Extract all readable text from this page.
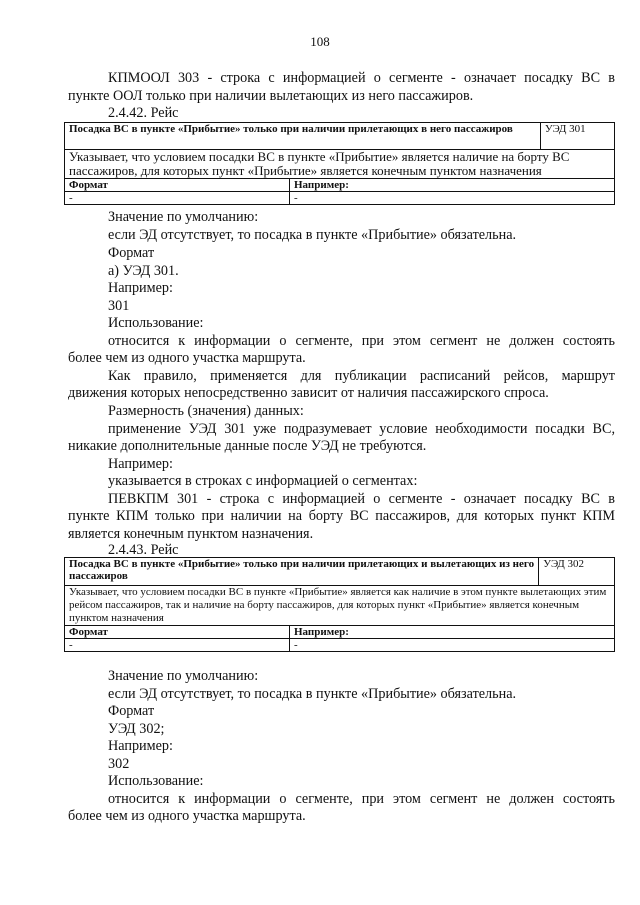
108
КПМООЛ 303 - строка с информацией о сегменте - означает посадку ВС в
пункте ООЛ только при наличии вылетающих из него пассажиров.
2.4.42. Рейс
Посадка ВС в пункте «Прибытие» только при наличии прилетающих в него пассажиров		УЭД 301
Указывает, что условием посадки ВС в пункте «Прибытие» является наличие на борту ВС пассажиров, для которых пункт «Прибытие» является конечным пунктом назначения		
Формат	Например:	
-	-	
Значение по умолчанию:
если ЭД отсутствует, то посадка в пункте «Прибытие» обязательна.
Формат
а) УЭД 301.
Например:
301
Использование:
относится к информации о сегменте, при этом сегмент не должен состоять
более чем из одного участка маршрута.
Как правило, применяется для публикации расписаний рейсов, маршрут
движения которых непосредственно зависит от наличия пассажирского спроса.
Размерность (значения) данных:
применение УЭД 301 уже подразумевает условие необходимости посадки ВС,
никакие дополнительные данные после УЭД не требуются.
Например:
указывается в строках с информацией о сегментах:
ПЕВКПМ 301 - строка с информацией о сегменте - означает посадку ВС в
пункте КПМ только при наличии на борту ВС пассажиров, для которых пункт КПМ
является конечным пунктом назначения.
2.4.43. Рейс
Посадка ВС в пункте «Прибытие» только при наличии прилетающих и вылетающих из него пассажиров		УЭД 302
Указывает, что условием посадки ВС в пункте «Прибытие» является как наличие в этом пункте вылетающих этим рейсом пассажиров, так и наличие на борту пассажиров, для которых пункт «Прибытие» является конечным пунктом назначения		
Формат	Например:	
-	-	
Значение по умолчанию:
если ЭД отсутствует, то посадка в пункте «Прибытие» обязательна.
Формат
УЭД 302;
Например:
302
Использование:
относится к информации о сегменте, при этом сегмент не должен состоять
более чем из одного участка маршрута.
